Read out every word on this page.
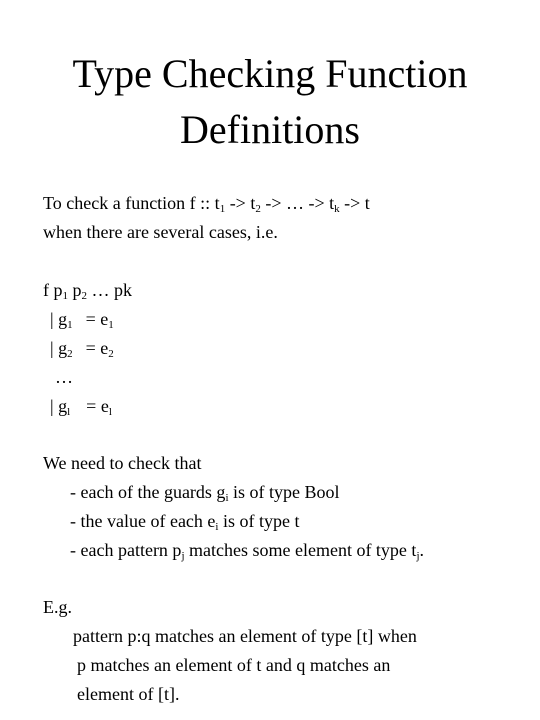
Type Checking Function
Definitions
To check a function f :: $t_1 -> t_2$ -> … -> $t_k -> t$
when there are several cases, i.e.
f $p_1$ $p_2$ … pk
| $g_1 = e_1$
| $g_2 = e_2$
…
| $g_l = e_l$
We need to check that
- each of the guards $g_i$ is of type Bool
- the value of each $e_i$ is of type t
- each pattern $p_j$ matches some element of type $t_j$.
E.g.
pattern p:q matches an element of type [t] when
p matches an element of t and q matches an
element of [t].
